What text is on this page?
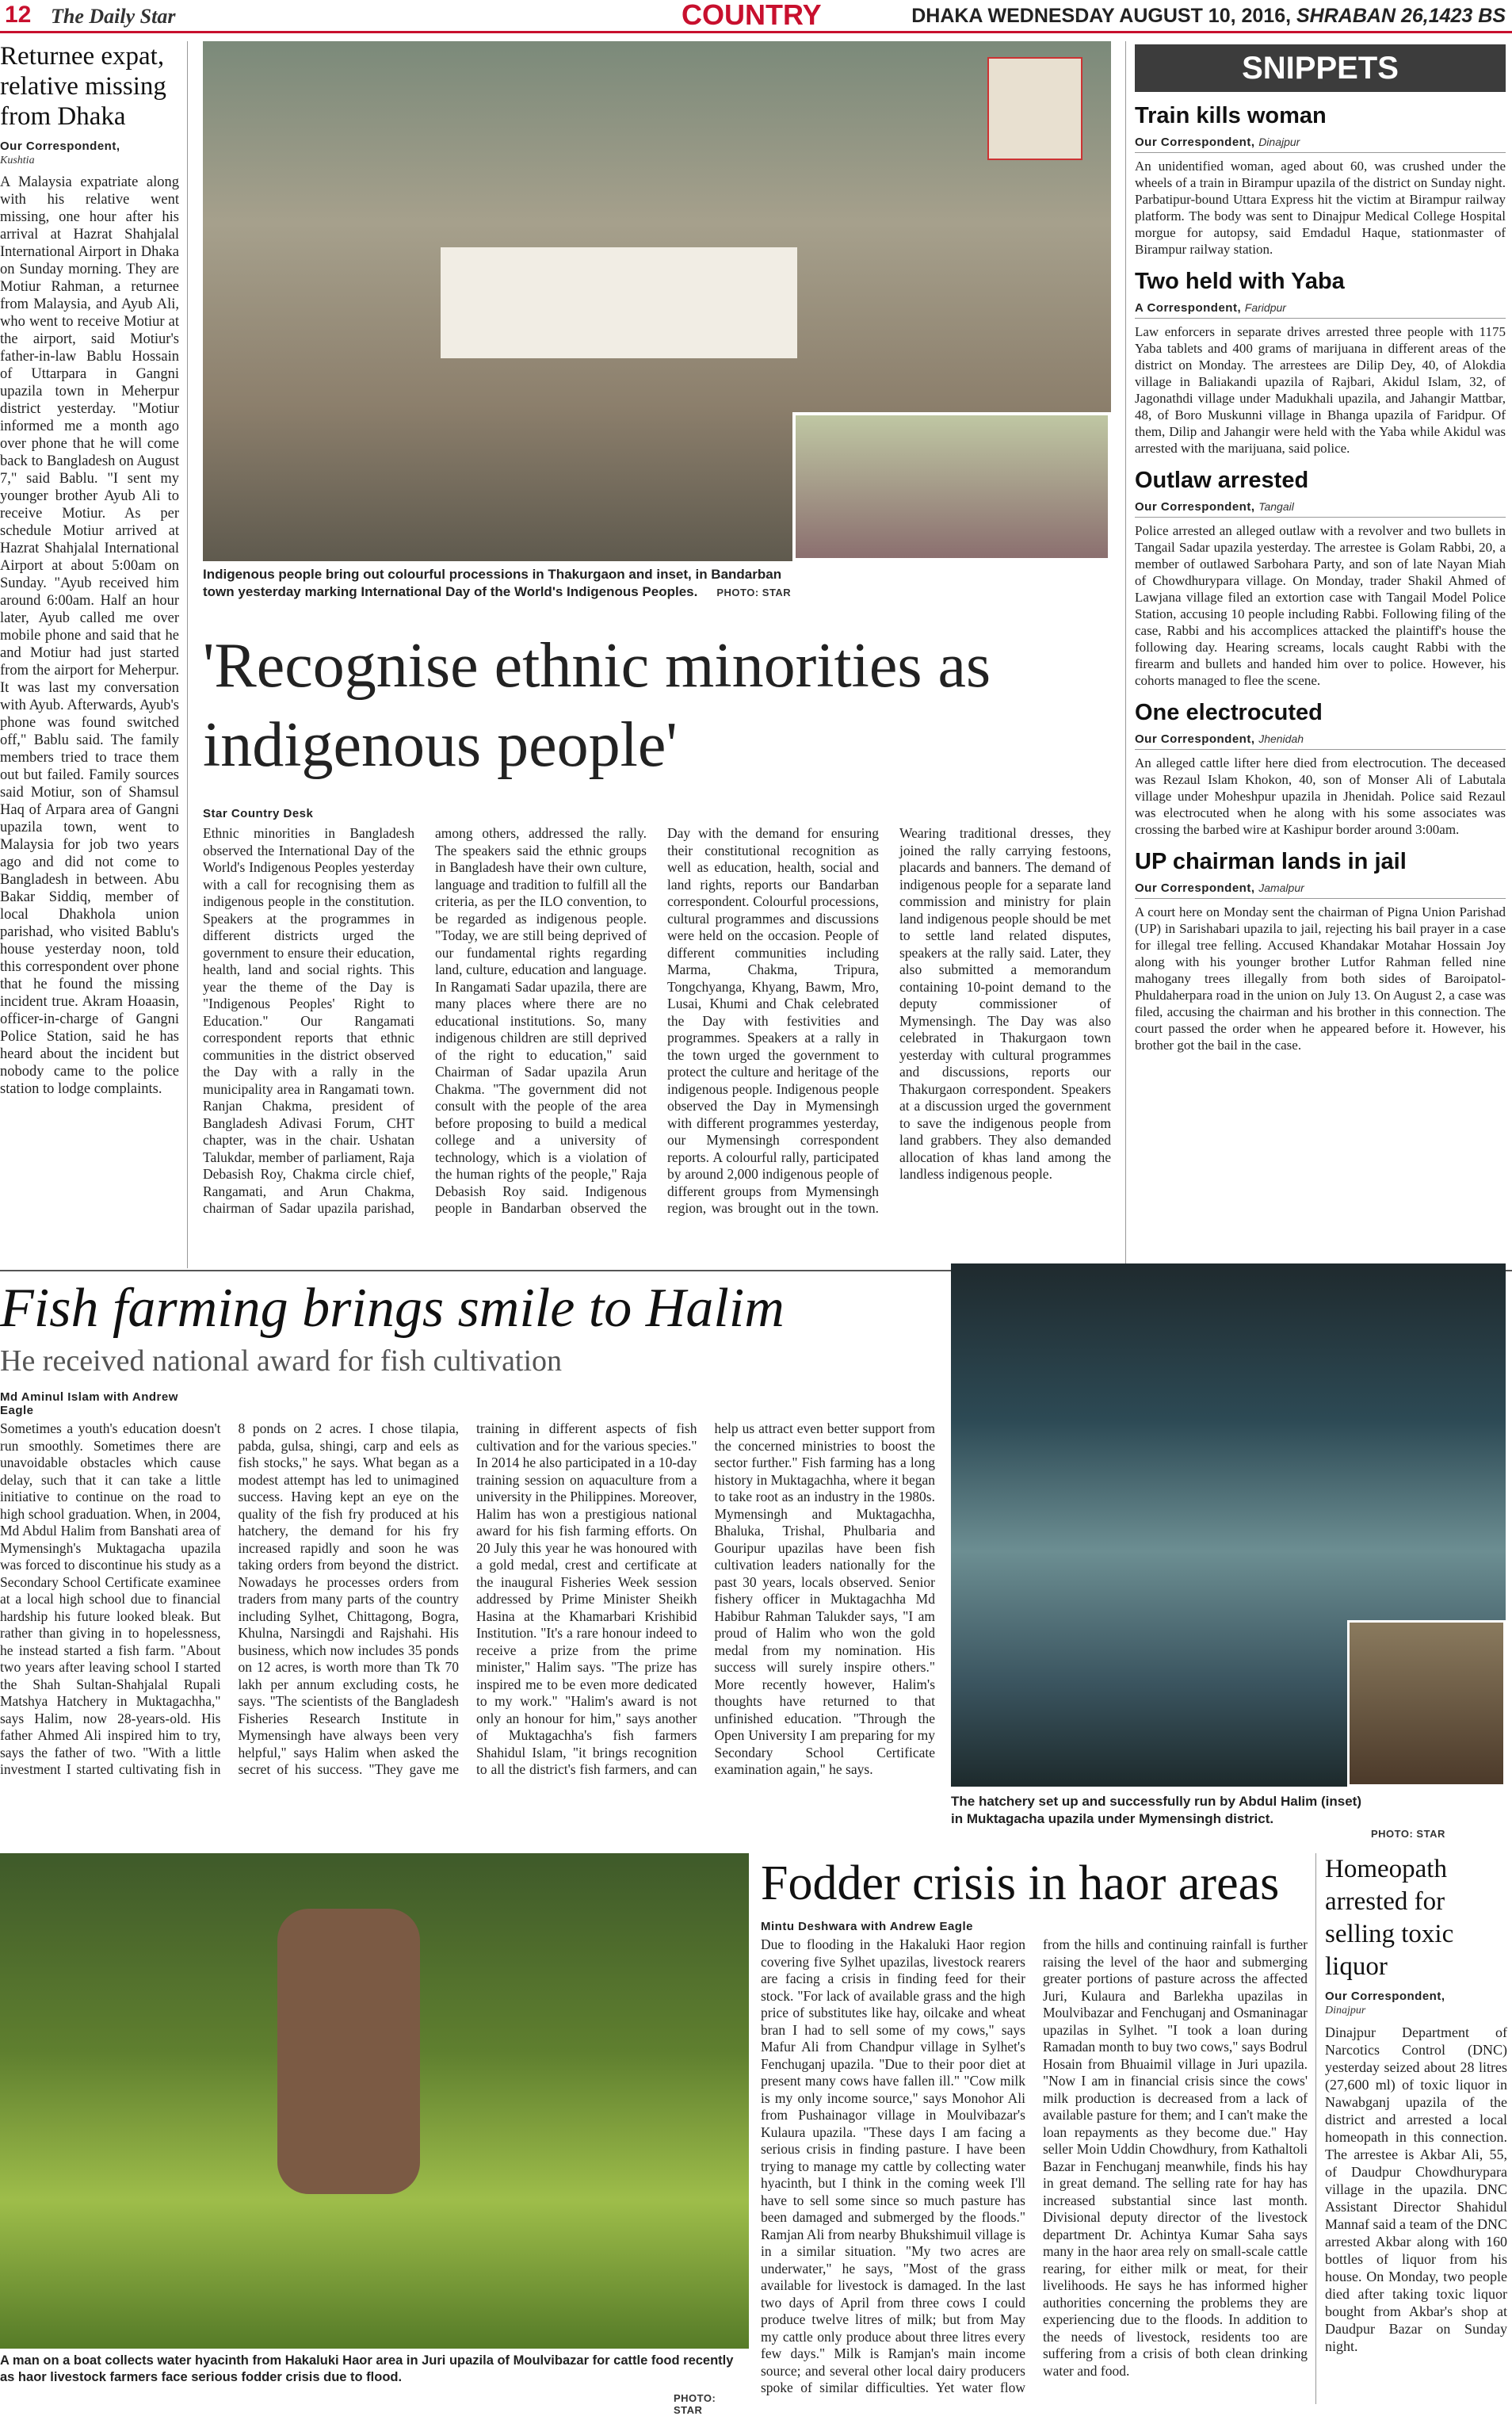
12 The Daily Star	COUNTRY	DHAKA WEDNESDAY AUGUST 10, 2016, SHRABAN 26,1423 BS
Returnee expat, relative missing from Dhaka
Our Correspondent,
Kushtia
A Malaysia expatriate along with his relative went missing, one hour after his arrival at Hazrat Shahjalal International Airport in Dhaka on Sunday morning. They are Motiur Rahman, a returnee from Malaysia, and Ayub Ali, who went to receive Motiur at the airport, said Motiur's father-in-law Bablu Hossain of Uttarpara in Gangni upazila town in Meherpur district yesterday. "Motiur informed me a month ago over phone that he will come back to Bangladesh on August 7," said Bablu. "I sent my younger brother Ayub Ali to receive Motiur. As per schedule Motiur arrived at Hazrat Shahjalal International Airport at about 5:00am on Sunday. "Ayub received him around 6:00am. Half an hour later, Ayub called me over mobile phone and said that he and Motiur had just started from the airport for Meherpur. It was last my conversation with Ayub. Afterwards, Ayub's phone was found switched off," Bablu said. The family members tried to trace them out but failed. Family sources said Motiur, son of Shamsul Haq of Arpara area of Gangni upazila town, went to Malaysia for job two years ago and did not come to Bangladesh in between. Abu Bakar Siddiq, member of local Dhakhola union parishad, who visited Bablu's house yesterday noon, told this correspondent over phone that he found the missing incident true. Akram Hoaasin, officer-in-charge of Gangni Police Station, said he has heard about the incident but nobody came to the police station to lodge complaints.
Indigenous people bring out colourful processions in Thakurgaon and inset, in Bandarban town yesterday marking International Day of the World's Indigenous Peoples. PHOTO: STAR
'Recognise ethnic minorities as indigenous people'
Star Country Desk
Ethnic minorities in Bangladesh observed the International Day of the World's Indigenous Peoples yesterday with a call for recognising them as indigenous people in the constitution. Speakers at the programmes in different districts urged the government to ensure their education, health, land and social rights. This year the theme of the Day is "Indigenous Peoples' Right to Education." Our Rangamati correspondent reports that ethnic communities in the district observed the Day with a rally in the municipality area in Rangamati town. Ranjan Chakma, president of Bangladesh Adivasi Forum, CHT chapter, was in the chair. Ushatan Talukdar, member of parliament, Raja Debasish Roy, Chakma circle chief, Rangamati, and Arun Chakma, chairman of Sadar upazila parishad, among others, addressed the rally. The speakers said the ethnic groups in Bangladesh have their own culture, language and tradition to fulfill all the criteria, as per the ILO convention, to be regarded as indigenous people. "Today, we are still being deprived of our fundamental rights regarding land, culture, education and language. In Rangamati Sadar upazila, there are many places where there are no educational institutions. So, many indigenous children are still deprived of the right to education," said Chairman of Sadar upazila Arun Chakma. "The government did not consult with the people of the area before proposing to build a medical college and a university of technology, which is a violation of the human rights of the people," Raja Debasish Roy said. Indigenous people in Bandarban observed the Day with the demand for ensuring their constitutional recognition as well as education, health, social and land rights, reports our Bandarban correspondent. Colourful processions, cultural programmes and discussions were held on the occasion. People of different communities including Marma, Chakma, Tripura, Tongchyanga, Khyang, Bawm, Mro, Lusai, Khumi and Chak celebrated the Day with festivities and programmes. Speakers at a rally in the town urged the government to protect the culture and heritage of the indigenous people. Indigenous people observed the Day in Mymensingh with different programmes yesterday, our Mymensingh correspondent reports. A colourful rally, participated by around 2,000 indigenous people of different groups from Mymensingh region, was brought out in the town. Wearing traditional dresses, they joined the rally carrying festoons, placards and banners. The demand of indigenous people for a separate land commission and ministry for plain land indigenous people should be met to settle land related disputes, speakers at the rally said. Later, they also submitted a memorandum containing 10-point demand to the deputy commissioner of Mymensingh. The Day was also celebrated in Thakurgaon town yesterday with cultural programmes and discussions, reports our Thakurgaon correspondent. Speakers at a discussion urged the government to save the indigenous people from land grabbers. They also demanded allocation of khas land among the landless indigenous people.
SNIPPETS
Train kills woman
Our Correspondent, Dinajpur
An unidentified woman, aged about 60, was crushed under the wheels of a train in Birampur upazila of the district on Sunday night. Parbatipur-bound Uttara Express hit the victim at Birampur railway platform. The body was sent to Dinajpur Medical College Hospital morgue for autopsy, said Emdadul Haque, stationmaster of Birampur railway station.
Two held with Yaba
A Correspondent, Faridpur
Law enforcers in separate drives arrested three people with 1175 Yaba tablets and 400 grams of marijuana in different areas of the district on Monday. The arrestees are Dilip Dey, 40, of Alokdia village in Baliakandi upazila of Rajbari, Akidul Islam, 32, of Jagonathdi village under Madukhali upazila, and Jahangir Mattbar, 48, of Boro Muskunni village in Bhanga upazila of Faridpur. Of them, Dilip and Jahangir were held with the Yaba while Akidul was arrested with the marijuana, said police.
Outlaw arrested
Our Correspondent, Tangail
Police arrested an alleged outlaw with a revolver and two bullets in Tangail Sadar upazila yesterday. The arrestee is Golam Rabbi, 20, a member of outlawed Sarbohara Party, and son of late Nayan Miah of Chowdhurypara village. On Monday, trader Shakil Ahmed of Lawjana village filed an extortion case with Tangail Model Police Station, accusing 10 people including Rabbi. Following filing of the case, Rabbi and his accomplices attacked the plaintiff's house the following day. Hearing screams, locals caught Rabbi with the firearm and bullets and handed him over to police. However, his cohorts managed to flee the scene.
One electrocuted
Our Correspondent, Jhenidah
An alleged cattle lifter here died from electrocution. The deceased was Rezaul Islam Khokon, 40, son of Monser Ali of Labutala village under Moheshpur upazila in Jhenidah. Police said Rezaul was electrocuted when he along with his some associates was crossing the barbed wire at Kashipur border around 3:00am.
UP chairman lands in jail
Our Correspondent, Jamalpur
A court here on Monday sent the chairman of Pigna Union Parishad (UP) in Sarishabari upazila to jail, rejecting his bail prayer in a case for illegal tree felling. Accused Khandakar Motahar Hossain Joy along with his younger brother Lutfor Rahman felled nine mahogany trees illegally from both sides of Baroipatol-Phuldaherpara road in the union on July 13. On August 2, a case was filed, accusing the chairman and his brother in this connection. The court passed the order when he appeared before it. However, his brother got the bail in the case.
Fish farming brings smile to Halim
He received national award for fish cultivation
Md Aminul Islam with Andrew Eagle
Sometimes a youth's education doesn't run smoothly. Sometimes there are unavoidable obstacles which cause delay, such that it can take a little initiative to continue on the road to high school graduation. When, in 2004, Md Abdul Halim from Banshati area of Mymensingh's Muktagacha upazila was forced to discontinue his study as a Secondary School Certificate examinee at a local high school due to financial hardship his future looked bleak. But rather than giving in to hopelessness, he instead started a fish farm. "About two years after leaving school I started the Shah Sultan-Shahjalal Rupali Matshya Hatchery in Muktagachha," says Halim, now 28-years-old. His father Ahmed Ali inspired him to try, says the father of two. "With a little investment I started cultivating fish in 8 ponds on 2 acres. I chose tilapia, pabda, gulsa, shingi, carp and eels as fish stocks," he says. What began as a modest attempt has led to unimagined success. Having kept an eye on the quality of the fish fry produced at his hatchery, the demand for his fry increased rapidly and soon he was taking orders from beyond the district. Nowadays he processes orders from traders from many parts of the country including Sylhet, Chittagong, Bogra, Khulna, Narsingdi and Rajshahi. His business, which now includes 35 ponds on 12 acres, is worth more than Tk 70 lakh per annum excluding costs, he says. "The scientists of the Bangladesh Fisheries Research Institute in Mymensingh have always been very helpful," says Halim when asked the secret of his success. "They gave me training in different aspects of fish cultivation and for the various species." In 2014 he also participated in a 10-day training session on aquaculture from a university in the Philippines. Moreover, Halim has won a prestigious national award for his fish farming efforts. On 20 July this year he was honoured with a gold medal, crest and certificate at the inaugural Fisheries Week session addressed by Prime Minister Sheikh Hasina at the Khamarbari Krishibid Institution. "It's a rare honour indeed to receive a prize from the prime minister," Halim says. "The prize has inspired me to be even more dedicated to my work." "Halim's award is not only an honour for him," says another of Muktagachha's fish farmers Shahidul Islam, "it brings recognition to all the district's fish farmers, and can help us attract even better support from the concerned ministries to boost the sector further." Fish farming has a long history in Muktagachha, where it began to take root as an industry in the 1980s. Mymensingh and Muktagachha, Bhaluka, Trishal, Phulbaria and Gouripur upazilas have been fish cultivation leaders nationally for the past 30 years, locals observed. Senior fishery officer in Muktagachha Md Habibur Rahman Talukder says, "I am proud of Halim who won the gold medal from my nomination. His success will surely inspire others." More recently however, Halim's thoughts have returned to that unfinished education. "Through the Open University I am preparing for my Secondary School Certificate examination again," he says.
The hatchery set up and successfully run by Abdul Halim (inset) in Muktagacha upazila under Mymensingh district.
PHOTO: STAR
A man on a boat collects water hyacinth from Hakaluki Haor area in Juri upazila of Moulvibazar for cattle food recently as haor livestock farmers face serious fodder crisis due to flood.
PHOTO: STAR
Fodder crisis in haor areas
Mintu Deshwara with Andrew Eagle
Due to flooding in the Hakaluki Haor region covering five Sylhet upazilas, livestock rearers are facing a crisis in finding feed for their stock. "For lack of available grass and the high price of substitutes like hay, oilcake and wheat bran I had to sell some of my cows," says Mafur Ali from Chandpur village in Sylhet's Fenchuganj upazila. "Due to their poor diet at present many cows have fallen ill." "Cow milk is my only income source," says Monohor Ali from Pushainagor village in Moulvibazar's Kulaura upazila. "These days I am facing a serious crisis in finding pasture. I have been trying to manage my cattle by collecting water hyacinth, but I think in the coming week I'll have to sell some since so much pasture has been damaged and submerged by the floods." Ramjan Ali from nearby Bhukshimuil village is in a similar situation. "My two acres are underwater," he says, "Most of the grass available for livestock is damaged. In the last two days of April from three cows I could produce twelve litres of milk; but from May my cattle only produce about three litres every few days." Milk is Ramjan's main income source; and several other local dairy producers spoke of similar difficulties. Yet water flow from the hills and continuing rainfall is further raising the level of the haor and submerging greater portions of pasture across the affected Juri, Kulaura and Barlekha upazilas in Moulvibazar and Fenchuganj and Osmaninagar upazilas in Sylhet. "I took a loan during Ramadan month to buy two cows," says Bodrul Hosain from Bhuaimil village in Juri upazila. "Now I am in financial crisis since the cows' milk production is decreased from a lack of available pasture for them; and I can't make the loan repayments as they become due." Hay seller Moin Uddin Chowdhury, from Kathaltoli Bazar in Fenchuganj meanwhile, finds his hay in great demand. The selling rate for hay has increased substantial since last month. Divisional deputy director of the livestock department Dr. Achintya Kumar Saha says many in the haor area rely on small-scale cattle rearing, for either milk or meat, for their livelihoods. He says he has informed higher authorities concerning the problems they are experiencing due to the floods. In addition to the needs of livestock, residents too are suffering from a crisis of both clean drinking water and food.
Homeopath arrested for selling toxic liquor
Our Correspondent,
Dinajpur
Dinajpur Department of Narcotics Control (DNC) yesterday seized about 28 litres (27,600 ml) of toxic liquor in Nawabganj upazila of the district and arrested a local homeopath in this connection. The arrestee is Akbar Ali, 55, of Daudpur Chowdhurypara village in the upazila. DNC Assistant Director Shahidul Mannaf said a team of the DNC arrested Akbar along with 160 bottles of liquor from his house. On Monday, two people died after taking toxic liquor bought from Akbar's shop at Daudpur Bazar on Sunday night.
